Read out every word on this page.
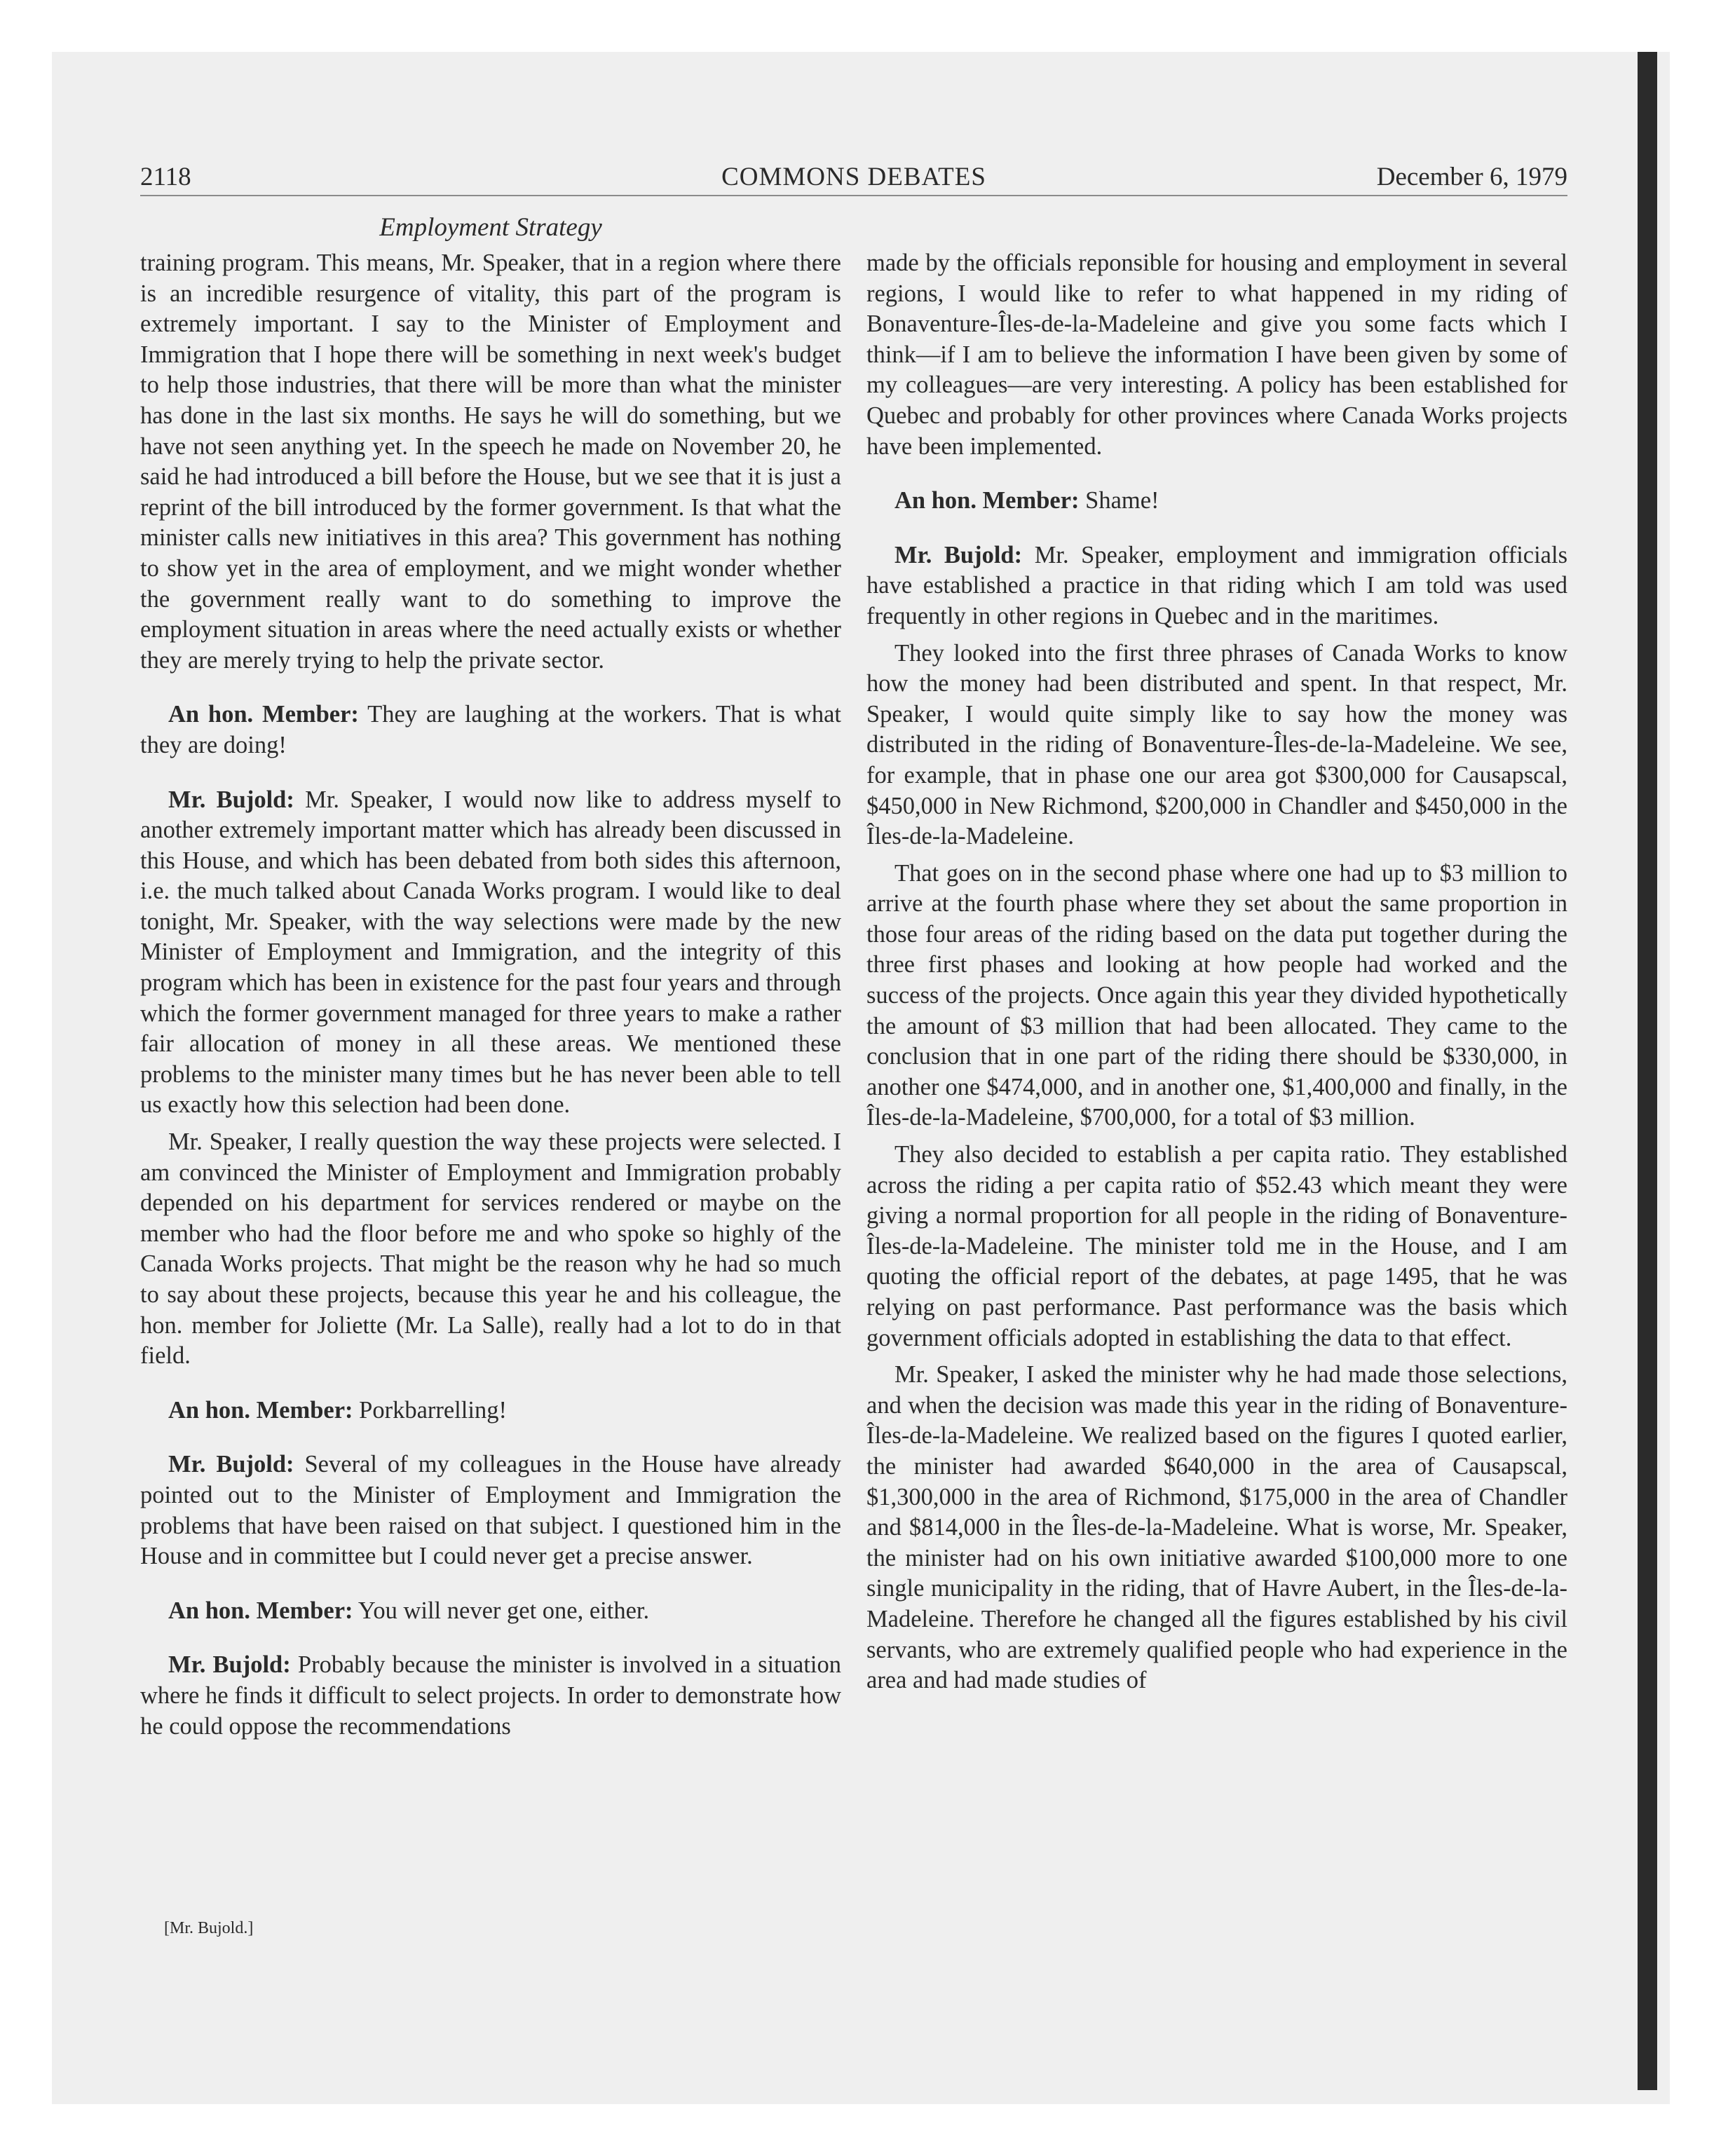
2118	COMMONS DEBATES	December 6, 1979
Employment Strategy

training program. This means, Mr. Speaker, that in a region where there is an incredible resurgence of vitality, this part of the program is extremely important. I say to the Minister of Employment and Immigration that I hope there will be something in next week's budget to help those industries, that there will be more than what the minister has done in the last six months. He says he will do something, but we have not seen anything yet. In the speech he made on November 20, he said he had introduced a bill before the House, but we see that it is just a reprint of the bill introduced by the former government. Is that what the minister calls new initiatives in this area? This government has nothing to show yet in the area of employment, and we might wonder whether the government really want to do something to improve the employment situation in areas where the need actually exists or whether they are merely trying to help the private sector.

An hon. Member: They are laughing at the workers. That is what they are doing!

Mr. Bujold: Mr. Speaker, I would now like to address myself to another extremely important matter which has already been discussed in this House, and which has been debated from both sides this afternoon, i.e. the much talked about Canada Works program. I would like to deal tonight, Mr. Speaker, with the way selections were made by the new Minister of Employment and Immigration, and the integrity of this program which has been in existence for the past four years and through which the former government managed for three years to make a rather fair allocation of money in all these areas. We mentioned these problems to the minister many times but he has never been able to tell us exactly how this selection had been done.

Mr. Speaker, I really question the way these projects were selected. I am convinced the Minister of Employment and Immigration probably depended on his department for services rendered or maybe on the member who had the floor before me and who spoke so highly of the Canada Works projects. That might be the reason why he had so much to say about these projects, because this year he and his colleague, the hon. member for Joliette (Mr. La Salle), really had a lot to do in that field.

An hon. Member: Porkbarrelling!

Mr. Bujold: Several of my colleagues in the House have already pointed out to the Minister of Employment and Immigration the problems that have been raised on that subject. I questioned him in the House and in committee but I could never get a precise answer.

An hon. Member: You will never get one, either.

Mr. Bujold: Probably because the minister is involved in a situation where he finds it difficult to select projects. In order to demonstrate how he could oppose the recommendations

made by the officials reponsible for housing and employment in several regions, I would like to refer to what happened in my riding of Bonaventure-Îles-de-la-Madeleine and give you some facts which I think—if I am to believe the information I have been given by some of my colleagues—are very interesting. A policy has been established for Quebec and probably for other provinces where Canada Works projects have been implemented.

An hon. Member: Shame!

Mr. Bujold: Mr. Speaker, employment and immigration officials have established a practice in that riding which I am told was used frequently in other regions in Quebec and in the maritimes.

They looked into the first three phrases of Canada Works to know how the money had been distributed and spent. In that respect, Mr. Speaker, I would quite simply like to say how the money was distributed in the riding of Bonaventure-Îles-de-la-Madeleine. We see, for example, that in phase one our area got $300,000 for Causapscal, $450,000 in New Richmond, $200,000 in Chandler and $450,000 in the Îles-de-la-Madeleine.

That goes on in the second phase where one had up to $3 million to arrive at the fourth phase where they set about the same proportion in those four areas of the riding based on the data put together during the three first phases and looking at how people had worked and the success of the projects. Once again this year they divided hypothetically the amount of $3 million that had been allocated. They came to the conclusion that in one part of the riding there should be $330,000, in another one $474,000, and in another one, $1,400,000 and finally, in the Îles-de-la-Madeleine, $700,000, for a total of $3 million.

They also decided to establish a per capita ratio. They established across the riding a per capita ratio of $52.43 which meant they were giving a normal proportion for all people in the riding of Bonaventure-Îles-de-la-Madeleine. The minister told me in the House, and I am quoting the official report of the debates, at page 1495, that he was relying on past performance. Past performance was the basis which government officials adopted in establishing the data to that effect.

Mr. Speaker, I asked the minister why he had made those selections, and when the decision was made this year in the riding of Bonaventure-Îles-de-la-Madeleine. We realized based on the figures I quoted earlier, the minister had awarded $640,000 in the area of Causapscal, $1,300,000 in the area of Richmond, $175,000 in the area of Chandler and $814,000 in the Îles-de-la-Madeleine. What is worse, Mr. Speaker, the minister had on his own initiative awarded $100,000 more to one single municipality in the riding, that of Havre Aubert, in the Îles-de-la-Madeleine. Therefore he changed all the figures established by his civil servants, who are extremely qualified people who had experience in the area and had made studies of

[Mr. Bujold.]
